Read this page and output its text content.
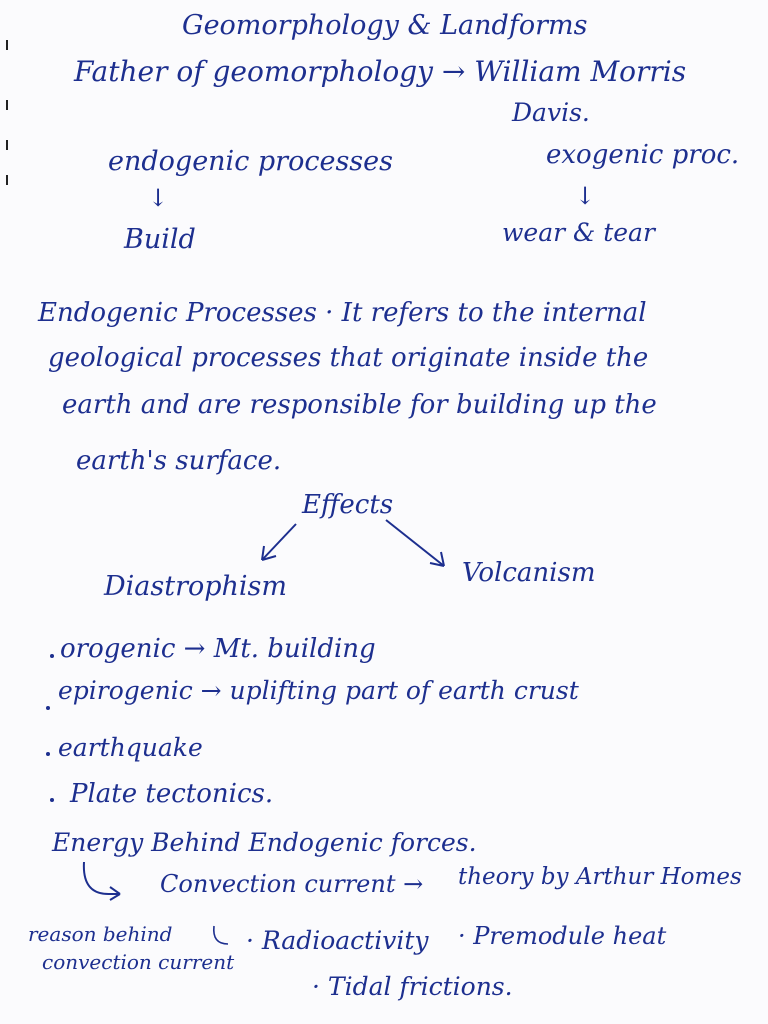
Geomorphology & Landforms
Father of geomorphology → William Morris
Davis.
endogenic processes
↓
Build
exogenic proc.
↓
wear & tear
Endogenic Processes · It refers to the internal
geological processes that originate inside the
earth and are responsible for building up the
earth's surface.
Effects
Diastrophism	Volcanism
orogenic → Mt. building
epirogenic → uplifting part of earth crust
earthquake
Plate tectonics.
Energy Behind Endogenic forces.
Convection current → theory by Arthur Homes
reason behind
convection current
· Radioactivity · Premodule heat
· Tidal frictions.
